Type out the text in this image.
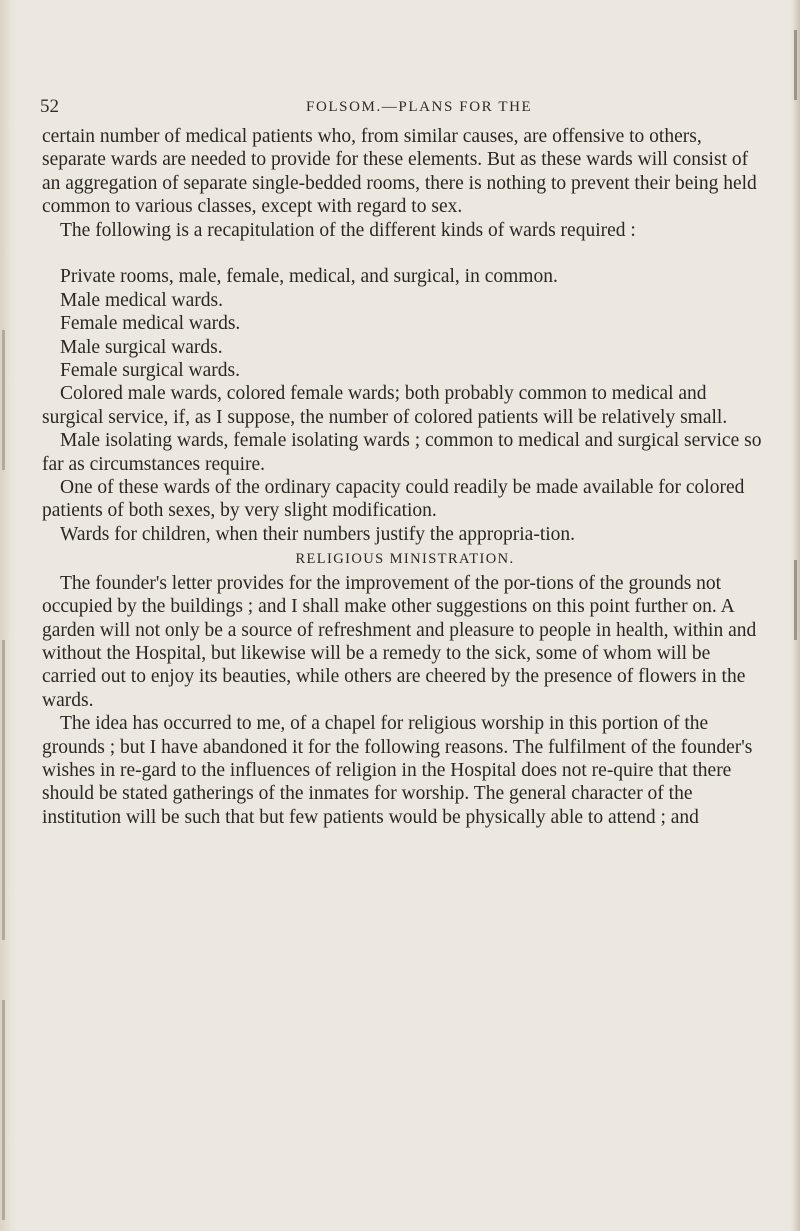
52	FOLSOM.—PLANS FOR THE

certain number of medical patients who, from similar causes, are offensive to others, separate wards are needed to provide for these elements. But as these wards will consist of an aggregation of separate single-bedded rooms, there is nothing to prevent their being held common to various classes, except with regard to sex.

The following is a recapitulation of the different kinds of wards required :

Private rooms, male, female, medical, and surgical, in common.

Male medical wards.

Female medical wards.

Male surgical wards.

Female surgical wards.

Colored male wards, colored female wards; both probably common to medical and surgical service, if, as I suppose, the number of colored patients will be relatively small.

Male isolating wards, female isolating wards ; common to medical and surgical service so far as circumstances require.

One of these wards of the ordinary capacity could readily be made available for colored patients of both sexes, by very slight modification.

Wards for children, when their numbers justify the appropria-tion.

RELIGIOUS MINISTRATION.

The founder's letter provides for the improvement of the por-tions of the grounds not occupied by the buildings ; and I shall make other suggestions on this point further on. A garden will not only be a source of refreshment and pleasure to people in health, within and without the Hospital, but likewise will be a remedy to the sick, some of whom will be carried out to enjoy its beauties, while others are cheered by the presence of flowers in the wards.

The idea has occurred to me, of a chapel for religious worship in this portion of the grounds ; but I have abandoned it for the following reasons. The fulfilment of the founder's wishes in re-gard to the influences of religion in the Hospital does not re-quire that there should be stated gatherings of the inmates for worship. The general character of the institution will be such that but few patients would be physically able to attend ; and
